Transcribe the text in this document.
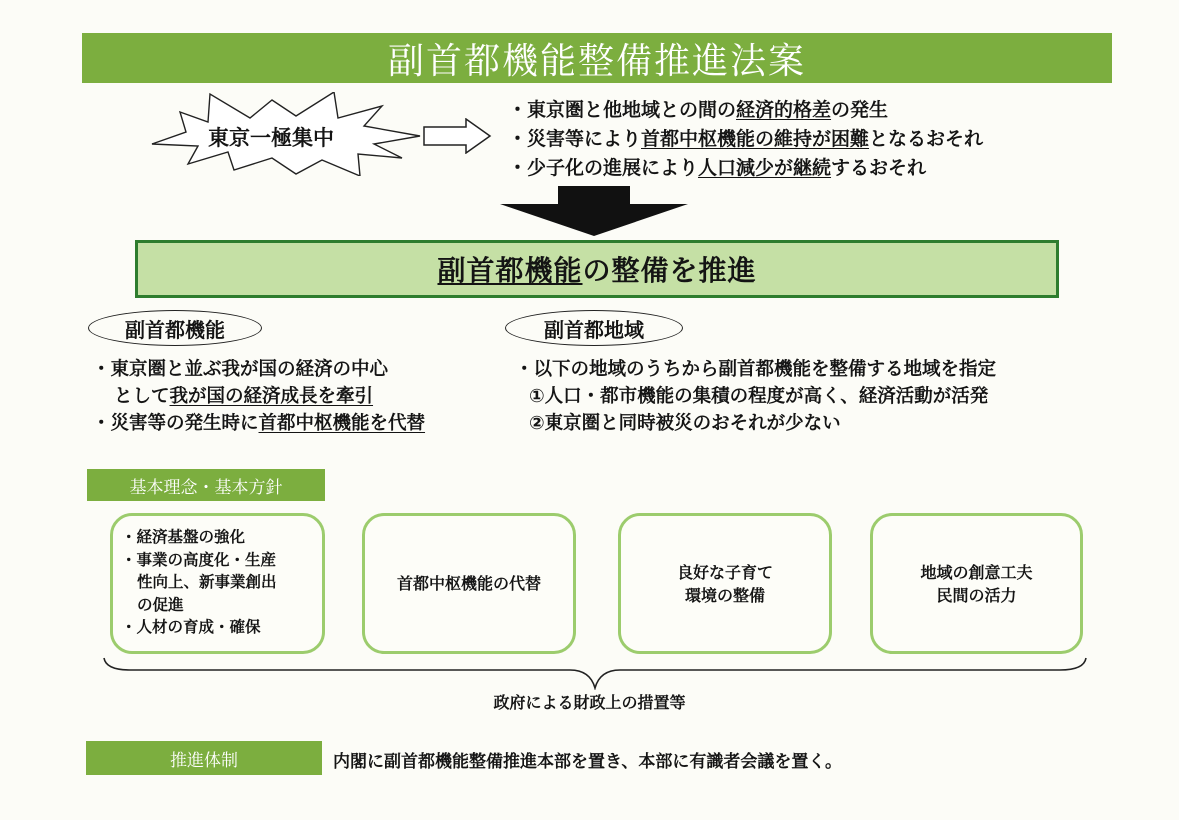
副首都機能整備推進法案
東京一極集中
・東京圏と他地域との間の経済的格差の発生
・災害等により首都中枢機能の維持が困難となるおそれ
・少子化の進展により人口減少が継続するおそれ
副首都機能 の整備を推進
副首都機能
・東京圏と並ぶ我が国の経済の中心
として我が国の経済成長を牽引
・災害等の発生時に首都中枢機能を代替
副首都地域
・以下の地域のうちから副首都機能を整備する地域を指定
①人口・都市機能の集積の程度が高く、経済活動が活発
②東京圏と同時被災のおそれが少ない
基本理念・基本方針
・経済基盤の強化
・事業の高度化・生産
性向上、新事業創出
の促進
・人材の育成・確保
首都中枢機能の代替
良好な子育て
環境の整備
地域の創意工夫
民間の活力
政府による財政上の措置等
推進体制	内閣に副首都機能整備推進本部を置き、本部に有識者会議を置く。
